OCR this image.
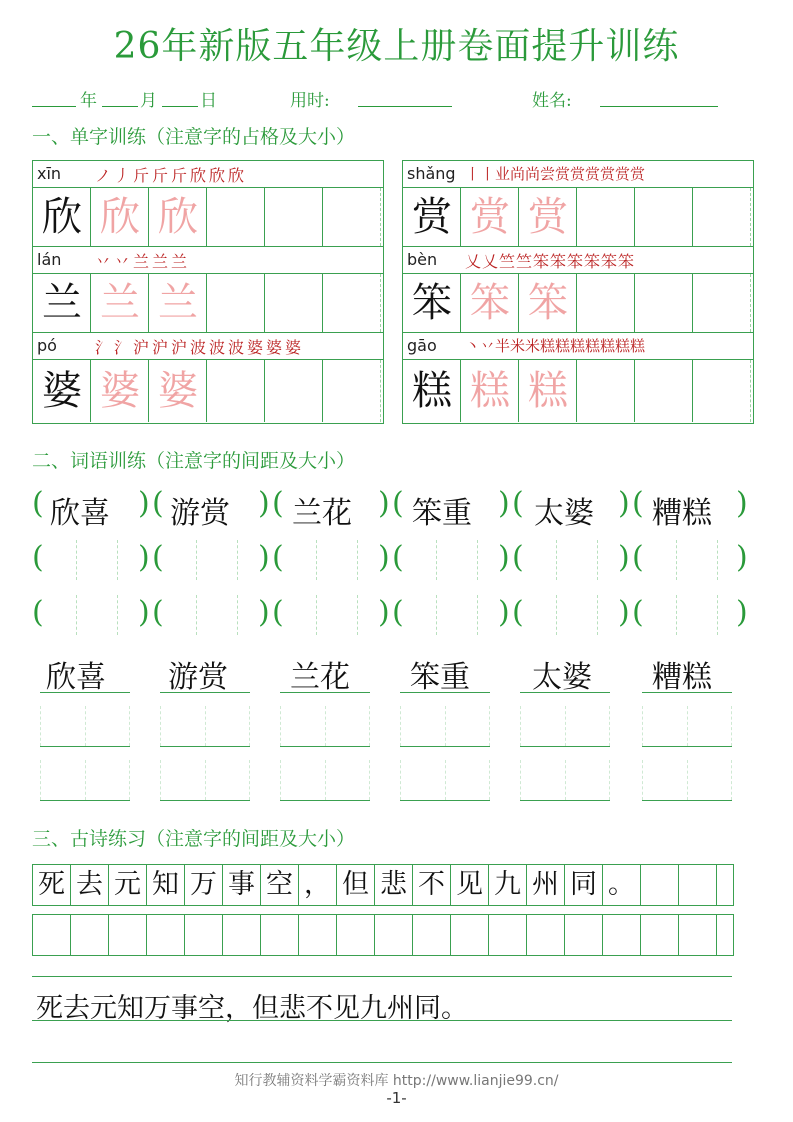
26年新版五年级上册卷面提升训练
年	月	日	用时:	姓名:
一、单字训练（注意字的占格及大小）
xīn ノ丿斤斤斤欣欣欣
欣 欣 欣
lán 丷丷兰兰兰
兰 兰 兰
pó 氵氵沪沪沪波波波婆婆婆
婆 婆 婆
shǎng 丨丨业尚尚尝赏赏赏赏赏赏
赏 赏 赏
bèn 乂乂竺竺笨笨笨笨笨笨
笨 笨 笨
gāo 丶丷半米米糕糕糕糕糕糕糕
糕 糕 糕
二、词语训练（注意字的间距及大小）
( 欣喜 ) ( 游赏 ) ( 兰花 ) ( 笨重 ) ( 太婆 ) ( 糟糕 )
(	) (	) (	) (	) (	) (	)
(	) (	) (	) (	) (	) (	)
欣喜 游赏 兰花 笨重 太婆 糟糕
三、古诗练习（注意字的间距及大小）
死 去 元 知 万 事 空 ， 但 悲 不 见 九 州 同 。
死去元知万事空，但悲不见九州同。
知行教辅资料学霸资料库 http://www.lianjie99.cn/
-1-
